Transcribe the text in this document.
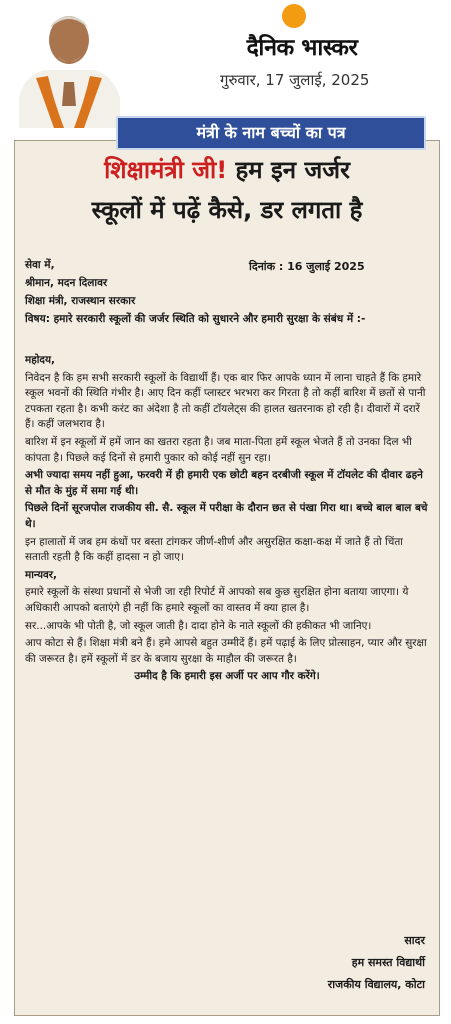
दैनिक भास्कर
गुरुवार, 17 जुलाई, 2025
शिक्षामंत्री जी! हम इन जर्जर
स्कूलों में पढ़ें कैसे, डर लगता है
सेवा में,	दिनांक : 16 जुलाई 2025
श्रीमान, मदन दिलावर
शिक्षा मंत्री, राजस्थान सरकार
विषय: हमारे सरकारी स्कूलों की जर्जर स्थिति को सुधारने और हमारी सुरक्षा के संबंध में :-

महोदय,

निवेदन है कि हम सभी सरकारी स्कूलों के विद्यार्थी हैं। एक बार फिर आपके ध्यान में लाना चाहते हैं कि हमारे स्कूल भवनों की स्थिति गंभीर है। आए दिन कहीं प्लास्टर भरभरा कर गिरता है तो कहीं बारिश में छतों से पानी टपकता रहता है। कभी करंट का अंदेशा है तो कहीं टॉयलेट्स की हालत खतरनाक हो रही है। दीवारों में दरारें हैं। कहीं जलभराव है।

बारिश में इन स्कूलों में हमें जान का खतरा रहता है। जब माता-पिता हमें स्कूल भेजते हैं तो उनका दिल भी कांपता है। पिछले कई दिनों से हमारी पुकार को कोई नहीं सुन रहा।

अभी ज्यादा समय नहीं हुआ, फरवरी में ही हमारी एक छोटी बहन दरबीजी स्कूल में टॉयलेट की दीवार ढहने से मौत के मुंह में समा गई थी।

पिछले दिनों सूरजपोल राजकीय सी. सै. स्कूल में परीक्षा के दौरान छत से पंखा गिरा था। बच्चे बाल बाल बचे थे।

इन हालातों में जब हम कंधों पर बस्ता टांगकर जीर्ण-शीर्ण और असुरक्षित कक्षा-कक्ष में जाते हैं तो चिंता सताती रहती है कि कहीं हादसा न हो जाए।

मान्यवर,

हमारे स्कूलों के संस्था प्रधानों से भेजी जा रही रिपोर्ट में आपको सब कुछ सुरक्षित होना बताया जाएगा। ये अधिकारी आपको बताएंगे ही नहीं कि हमारे स्कूलों का वास्तव में क्या हाल है।

सर...आपके भी पोती है, जो स्कूल जाती है। दादा होने के नाते स्कूलों की हकीकत भी जानिए।

आप कोटा से हैं। शिक्षा मंत्री बने हैं। हमे आपसे बहुत उम्मीदें हैं। हमें पढ़ाई के लिए प्रोत्साहन, प्यार और सुरक्षा की जरूरत है। हमें स्कूलों में डर के बजाय सुरक्षा के माहौल की जरूरत है।

उम्मीद है कि हमारी इस अर्जी पर आप गौर करेंगे।

सादर
हम समस्त विद्यार्थी
राजकीय विद्यालय, कोटा
मंत्री के नाम बच्चों का पत्र
